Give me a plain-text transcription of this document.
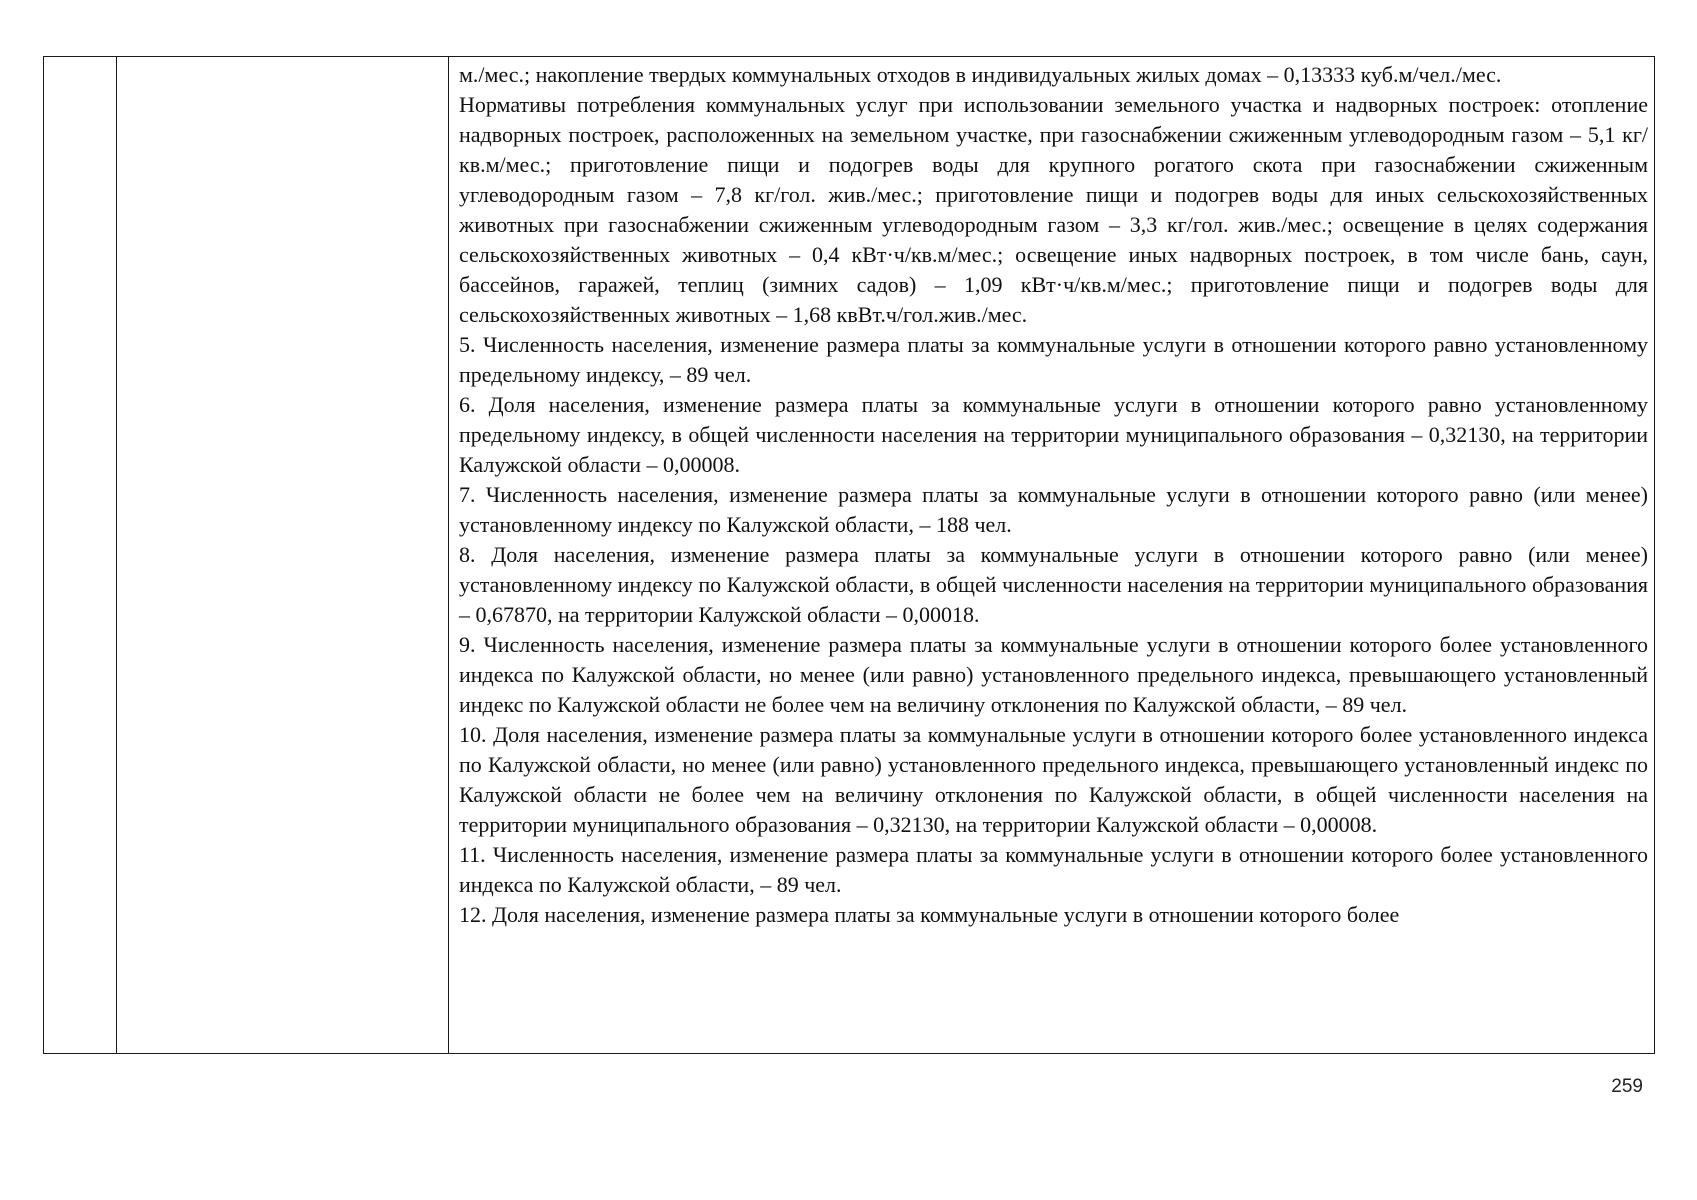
м./мес.; накопление твердых коммунальных отходов в индивидуальных жилых домах – 0,13333 куб.м/чел./мес.

Нормативы потребления коммунальных услуг при использовании земельного участка и надворных построек: отопление надворных построек, расположенных на земельном участке, при газоснабжении сжиженным углеводородным газом – 5,1 кг/кв.м/мес.; приготовление пищи и подогрев воды для крупного рогатого скота при газоснабжении сжиженным углеводородным газом – 7,8 кг/гол. жив./мес.; приготовление пищи и подогрев воды для иных сельскохозяйственных животных при газоснабжении сжиженным углеводородным газом – 3,3 кг/гол. жив./мес.; освещение в целях содержания сельскохозяйственных животных – 0,4 кВт·ч/кв.м/мес.; освещение иных надворных построек, в том числе бань, саун, бассейнов, гаражей, теплиц (зимних садов) – 1,09 кВт·ч/кв.м/мес.; приготовление пищи и подогрев воды для сельскохозяйственных животных – 1,68 квВт.ч/гол.жив./мес.

5. Численность населения, изменение размера платы за коммунальные услуги в отношении которого равно установленному предельному индексу, – 89 чел.

6. Доля населения, изменение размера платы за коммунальные услуги в отношении которого равно установленному предельному индексу, в общей численности населения на территории муниципального образования – 0,32130, на территории Калужской области – 0,00008.

7. Численность населения, изменение размера платы за коммунальные услуги в отношении которого равно (или менее) установленному индексу по Калужской области, – 188 чел.

8. Доля населения, изменение размера платы за коммунальные услуги в отношении которого равно (или менее) установленному индексу по Калужской области, в общей численности населения на территории муниципального образования – 0,67870, на территории Калужской области – 0,00018.

9. Численность населения, изменение размера платы за коммунальные услуги в отношении которого более установленного индекса по Калужской области, но менее (или равно) установленного предельного индекса, превышающего установленный индекс по Калужской области не более чем на величину отклонения по Калужской области, – 89 чел.

10. Доля населения, изменение размера платы за коммунальные услуги в отношении которого более установленного индекса по Калужской области, но менее (или равно) установленного предельного индекса, превышающего установленный индекс по Калужской области не более чем на величину отклонения по Калужской области, в общей численности населения на территории муниципального образования – 0,32130, на территории Калужской области – 0,00008.

11. Численность населения, изменение размера платы за коммунальные услуги в отношении которого более установленного индекса по Калужской области, – 89 чел.

12. Доля населения, изменение размера платы за коммунальные услуги в отношении которого более

259
